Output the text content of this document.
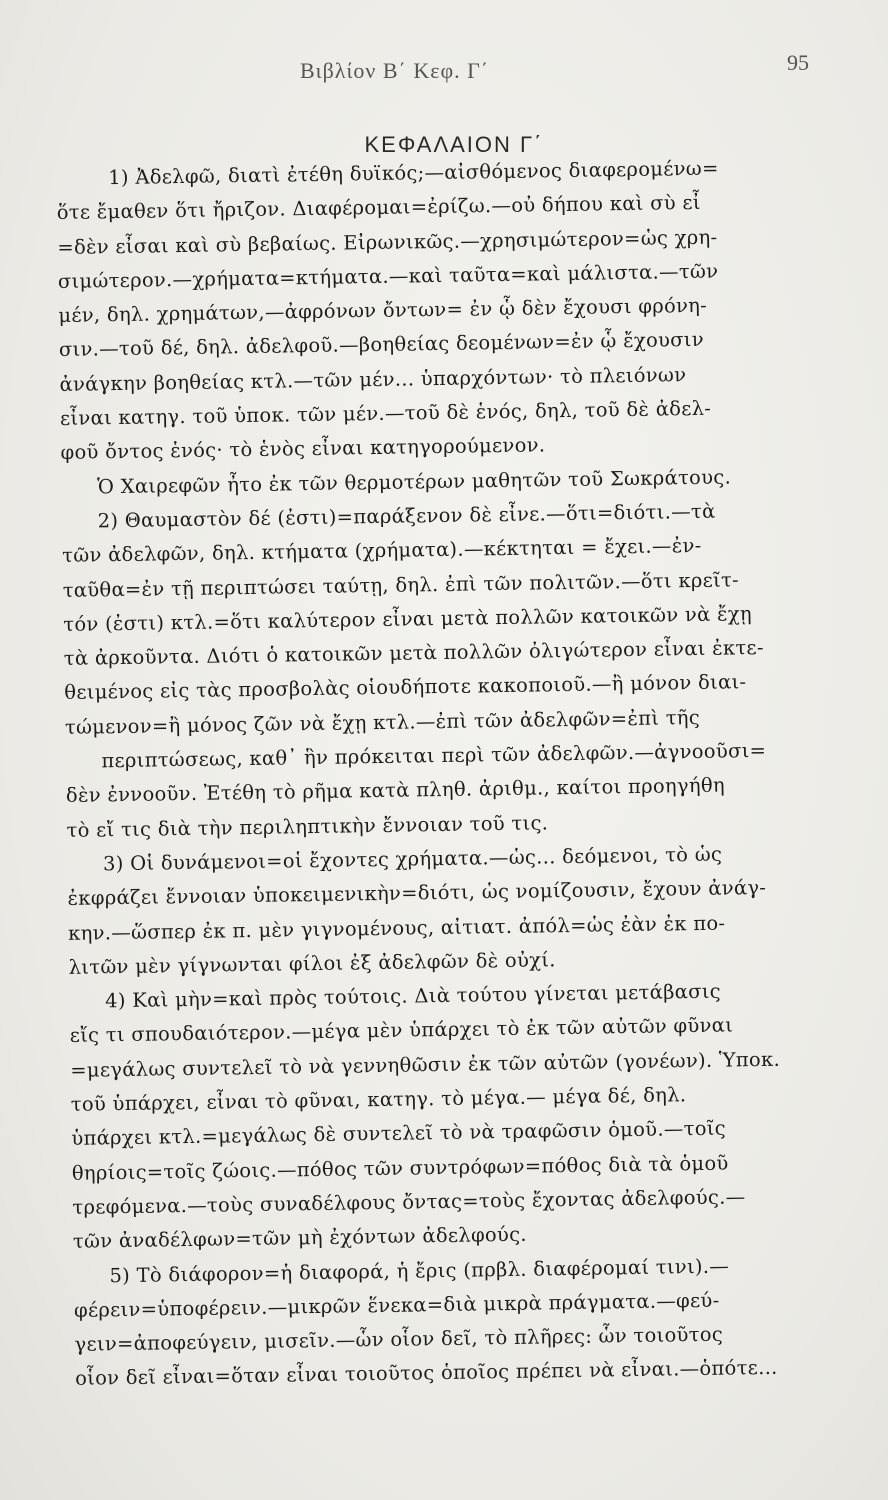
Βιβλίον Β΄ Κεφ. Γ΄	95
ΚΕΦΑΛΑΙΟΝ Γ΄
1) Ἀδελφῶ, διατὶ ἐτέθη δυϊκός;—αἰσθόμενος διαφερομένω=
ὅτε ἔμαθεν ὅτι ἤριζον. Διαφέρομαι=ἐρίζω.—οὐ δήπου καὶ σὺ εἶ
=δὲν εἶσαι καὶ σὺ βεβαίως. Εἰρωνικῶς.—χρησιμώτερον=ὡς χρη-
σιμώτερον.—χρήματα=κτήματα.—καὶ ταῦτα=καὶ μάλιστα.—τῶν
μέν, δηλ. χρημάτων,—ἀφρόνων ὄντων= ἐν ᾧ δὲν ἔχουσι φρόνη-
σιν.—τοῦ δέ, δηλ. ἀδελφοῦ.—βοηθείας δεομένων=ἐν ᾧ ἔχουσιν
ἀνάγκην βοηθείας κτλ.—τῶν μέν... ὑπαρχόντων· τὸ πλειόνων
εἶναι κατηγ. τοῦ ὑποκ. τῶν μέν.—τοῦ δὲ ἑνός, δηλ, τοῦ δὲ ἀδελ-
φοῦ ὄντος ἑνός· τὸ ἑνὸς εἶναι κατηγορούμενον.
Ὁ Χαιρεφῶν ἦτο ἐκ τῶν θερμοτέρων μαθητῶν τοῦ Σωκράτους.
2) Θαυμαστὸν δέ (ἐστι)=παράξενον δὲ εἶνε.—ὅτι=διότι.—τὰ
τῶν ἀδελφῶν, δηλ. κτήματα (χρήματα).—κέκτηται = ἔχει.—ἐν-
ταῦθα=ἐν τῇ περιπτώσει ταύτῃ, δηλ. ἐπὶ τῶν πολιτῶν.—ὅτι κρεῖτ-
τόν (ἐστι) κτλ.=ὅτι καλύτερον εἶναι μετὰ πολλῶν κατοικῶν νὰ ἔχῃ
τὰ ἀρκοῦντα. Διότι ὁ κατοικῶν μετὰ πολλῶν ὀλιγώτερον εἶναι ἐκτε-
θειμένος εἰς τὰς προσβολὰς οἱουδήποτε κακοποιοῦ.—ἢ μόνον διαι-
τώμενον=ἢ μόνος ζῶν νὰ ἔχῃ κτλ.—ἐπὶ τῶν ἀδελφῶν=ἐπὶ τῆς
περιπτώσεως, καθ᾽ ἣν πρόκειται περὶ τῶν ἀδελφῶν.—ἀγνοοῦσι=
δὲν ἐννοοῦν. Ἐτέθη τὸ ρῆμα κατὰ πληθ. ἀριθμ., καίτοι προηγήθη
τὸ εἴ τις διὰ τὴν περιληπτικὴν ἔννοιαν τοῦ τις.
3) Οἱ δυνάμενοι=οἱ ἔχοντες χρήματα.—ὡς... δεόμενοι, τὸ ὡς
ἐκφράζει ἔννοιαν ὑποκειμενικὴν=διότι, ὡς νομίζουσιν, ἔχουν ἀνάγ-
κην.—ὥσπερ ἐκ π. μὲν γιγνομένους, αἰτιατ. ἀπόλ=ὡς ἐὰν ἐκ πο-
λιτῶν μὲν γίγνωνται φίλοι ἐξ ἀδελφῶν δὲ οὐχί.
4) Καὶ μὴν=καὶ πρὸς τούτοις. Διὰ τούτου γίνεται μετάβασις
εἴς τι σπουδαιότερον.—μέγα μὲν ὑπάρχει τὸ ἐκ τῶν αὐτῶν φῦναι
=μεγάλως συντελεῖ τὸ νὰ γεννηθῶσιν ἐκ τῶν αὐτῶν (γονέων). Ὑποκ.
τοῦ ὑπάρχει, εἶναι τὸ φῦναι, κατηγ. τὸ μέγα.— μέγα δέ, δηλ.
ὑπάρχει κτλ.=μεγάλως δὲ συντελεῖ τὸ νὰ τραφῶσιν ὁμοῦ.—τοῖς
θηρίοις=τοῖς ζώοις.—πόθος τῶν συντρόφων=πόθος διὰ τὰ ὁμοῦ
τρεφόμενα.—τοὺς συναδέλφους ὄντας=τοὺς ἔχοντας ἀδελφούς.—
τῶν ἀναδέλφων=τῶν μὴ ἐχόντων ἀδελφούς.
5) Τὸ διάφορον=ἡ διαφορά, ἡ ἔρις (πρβλ. διαφέρομαί τινι).—
φέρειν=ὑποφέρειν.—μικρῶν ἕνεκα=διὰ μικρὰ πράγματα.—φεύ-
γειν=ἀποφεύγειν, μισεῖν.—ὧν οἷον δεῖ, τὸ πλῆρες: ὧν τοιοῦτος
οἷον δεῖ εἶναι=ὅταν εἶναι τοιοῦτος ὁποῖος πρέπει νὰ εἶναι.—ὁπότε...
